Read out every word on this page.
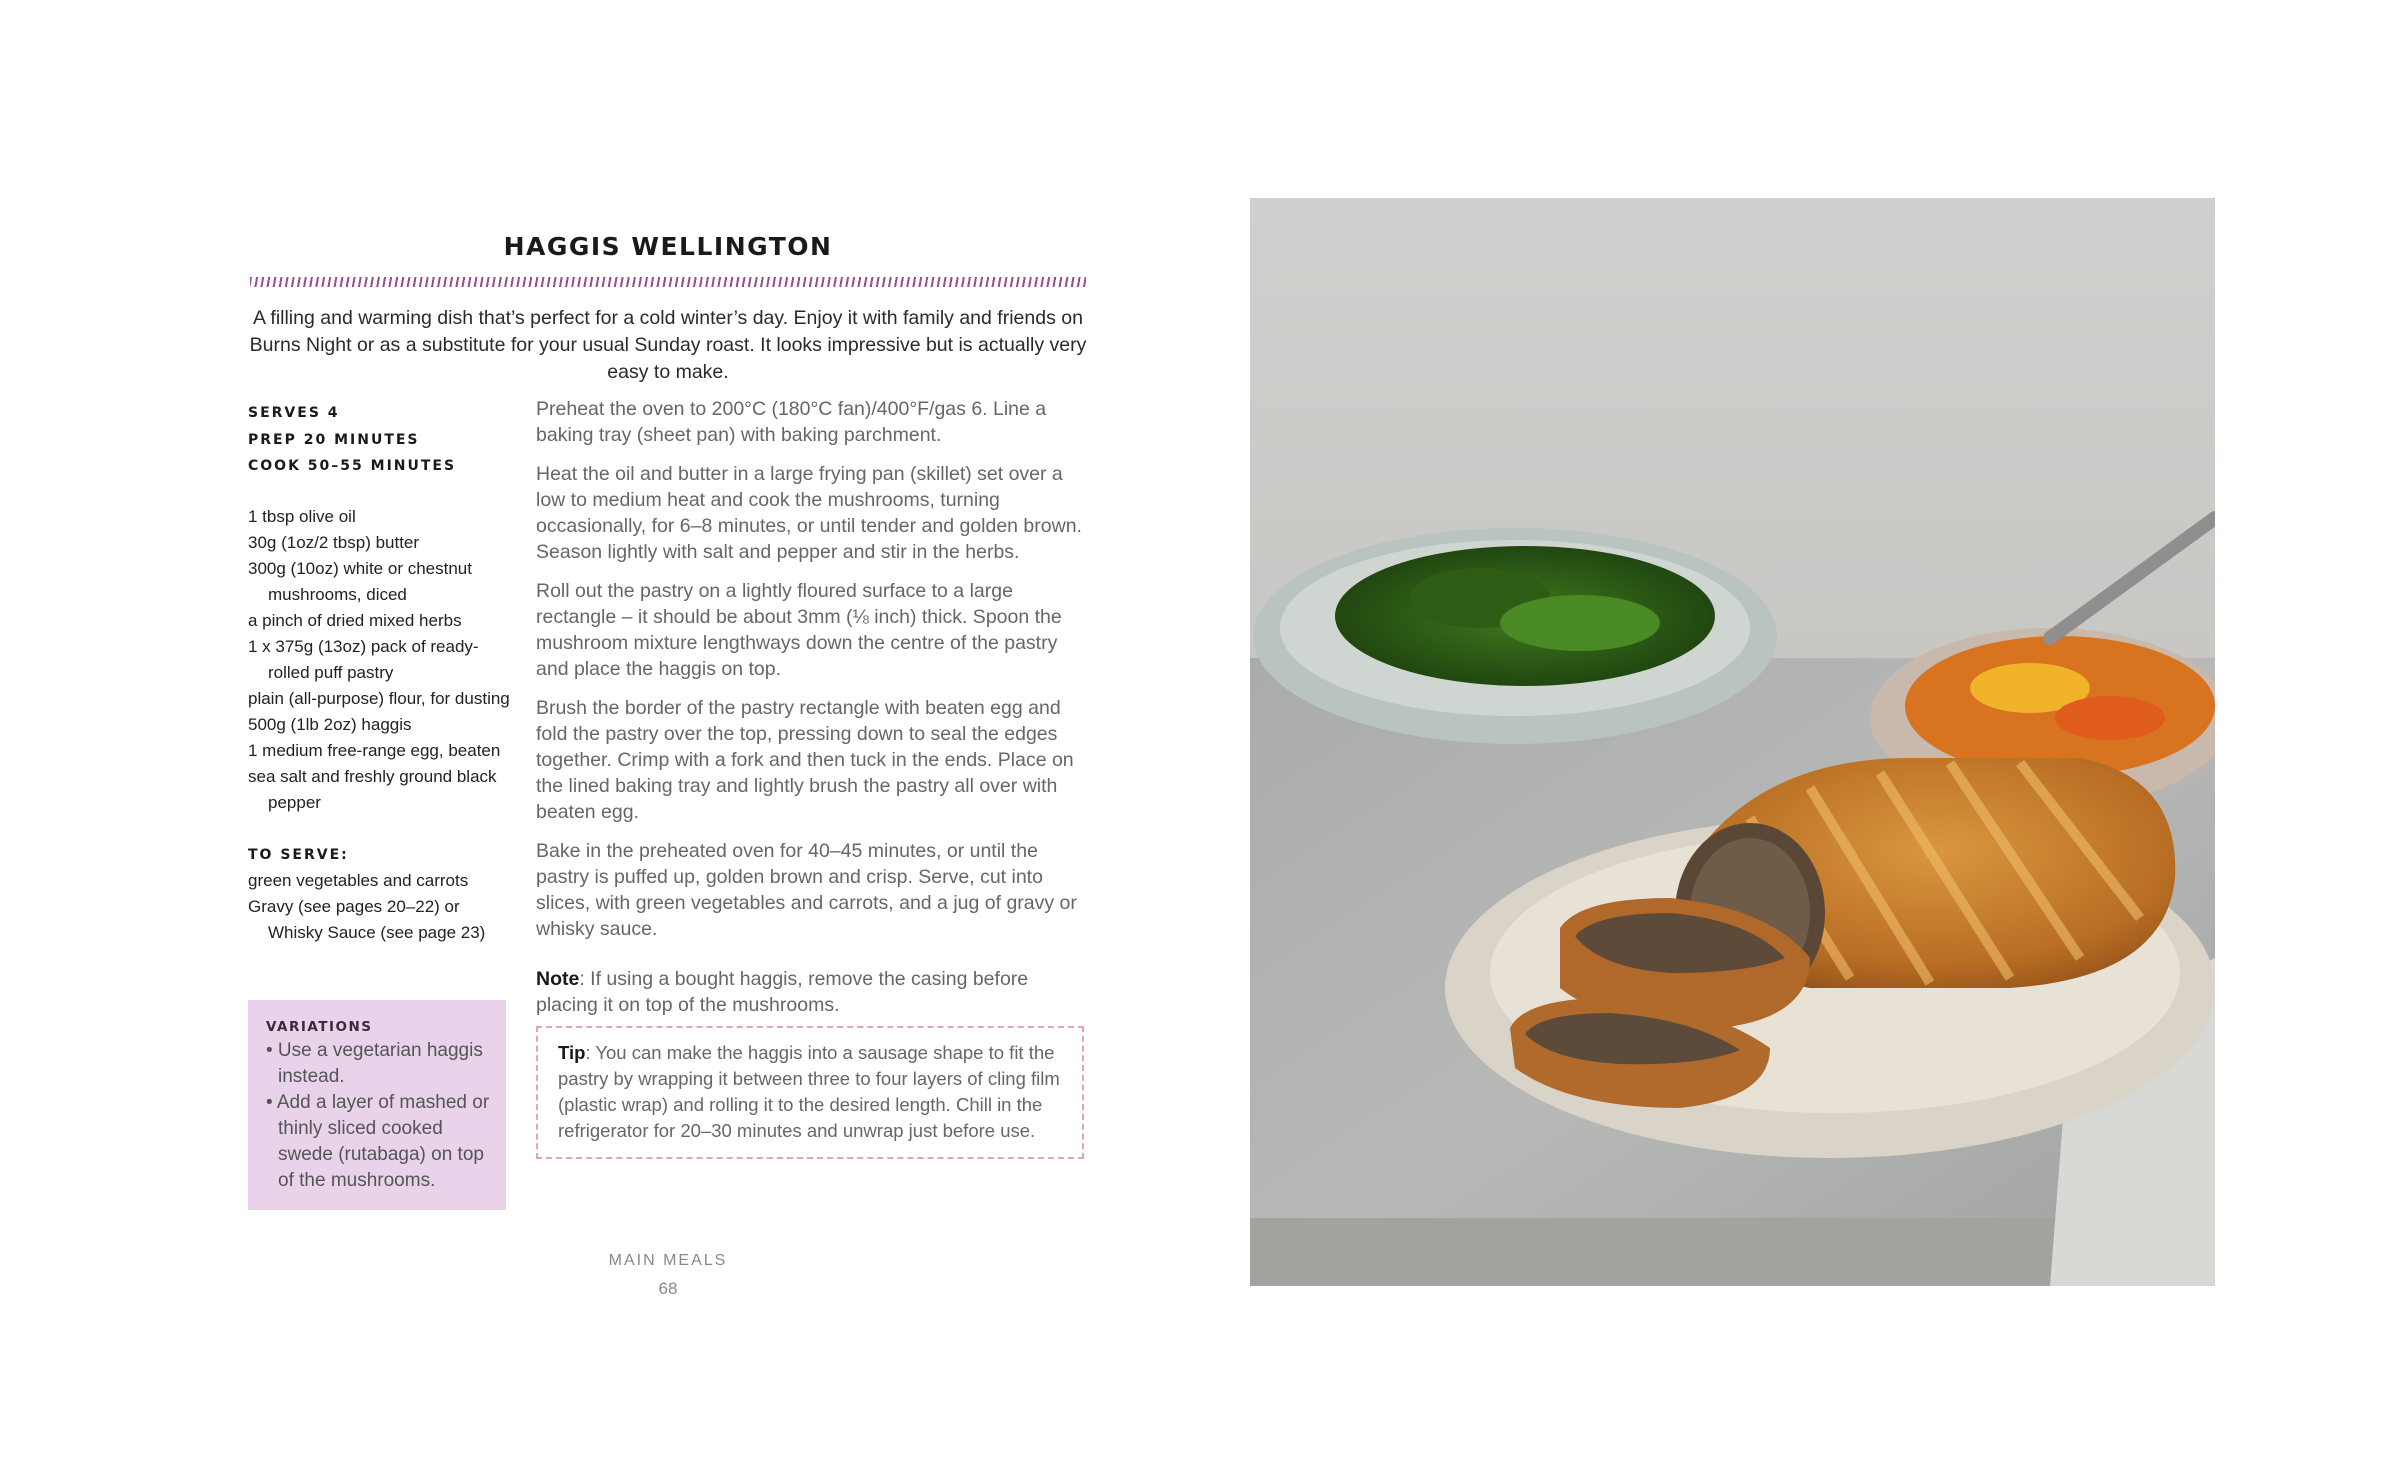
HAGGIS WELLINGTON
A filling and warming dish that’s perfect for a cold winter’s day. Enjoy it with family and friends on Burns Night or as a substitute for your usual Sunday roast. It looks impressive but is actually very easy to make.
SERVES 4
PREP 20 MINUTES
COOK 50–55 MINUTES
1 tbsp olive oil
30g (1oz/2 tbsp) butter
300g (10oz) white or chestnut mushrooms, diced
a pinch of dried mixed herbs
1 x 375g (13oz) pack of ready-rolled puff pastry
plain (all-purpose) flour, for dusting
500g (1lb 2oz) haggis
1 medium free-range egg, beaten
sea salt and freshly ground black pepper
TO SERVE:
green vegetables and carrots
Gravy (see pages 20–22) or Whisky Sauce (see page 23)
VARIATIONS
• Use a vegetarian haggis instead.
• Add a layer of mashed or thinly sliced cooked swede (rutabaga) on top of the mushrooms.

Preheat the oven to 200°C (180°C fan)/400°F/gas 6. Line a baking tray (sheet pan) with baking parchment.

Heat the oil and butter in a large frying pan (skillet) set over a low to medium heat and cook the mushrooms, turning occasionally, for 6–8 minutes, or until tender and golden brown. Season lightly with salt and pepper and stir in the herbs.

Roll out the pastry on a lightly floured surface to a large rectangle – it should be about 3mm (⅛ inch) thick. Spoon the mushroom mixture lengthways down the centre of the pastry and place the haggis on top.

Brush the border of the pastry rectangle with beaten egg and fold the pastry over the top, pressing down to seal the edges together. Crimp with a fork and then tuck in the ends. Place on the lined baking tray and lightly brush the pastry all over with beaten egg.

Bake in the preheated oven for 40–45 minutes, or until the pastry is puffed up, golden brown and crisp. Serve, cut into slices, with green vegetables and carrots, and a jug of gravy or whisky sauce.

Note: If using a bought haggis, remove the casing before placing it on top of the mushrooms.

Tip: You can make the haggis into a sausage shape to fit the pastry by wrapping it between three to four layers of cling film (plastic wrap) and rolling it to the desired length. Chill in the refrigerator for 20–30 minutes and unwrap just before use.
MAIN MEALS
68
